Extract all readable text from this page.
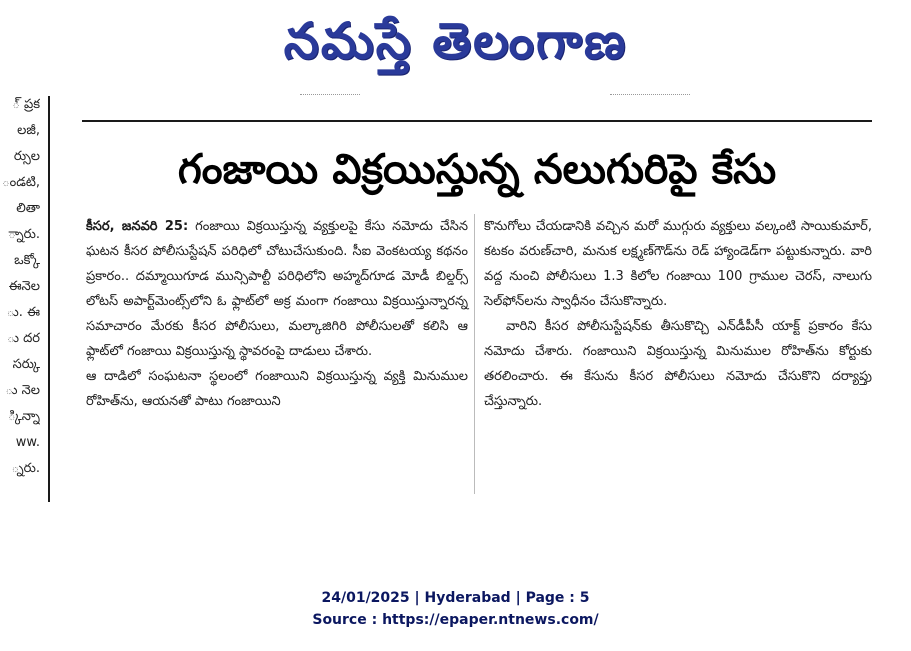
నమస్తే తెలంగాణ
్ ప్రక
లజీ,
ర్సుల
ండటి,
లితా
్నారు.
ఒక్కో
ఈనెల
ు. ఈ
ు దర
సర్కు
ు నెల
్కిన్నా
ww.
్నరు.
గంజాయి విక్రయిస్తున్న నలుగురిపై కేసు

కీసర, జనవరి 25: గంజాయి విక్రయిస్తున్న వ్యక్తులపై కేసు నమోదు చేసిన ఘటన కీసర పోలీసుస్టేషన్ పరిధిలో చోటుచేసుకుంది. సీఐ వెంకటయ్య కథనం ప్రకారం.. దమ్మాయిగూడ మున్సిపాల్టీ పరిధిలోని అహ్మద్‌గూడ మోడీ బిల్డర్స్ లోటస్ అపార్ట్‌మెంట్స్‌లోని ఓ ఫ్లాట్‌లో అక్ర మంగా గంజాయి విక్రయిస్తున్నారన్న సమాచారం మేరకు కీసర పోలీసులు, మల్కాజిగిరి పోలీసులతో కలిసి ఆ ఫ్లాట్‌లో గంజాయి విక్రయిస్తున్న స్థావరంపై దాడులు చేశారు.

ఆ దాడిలో సంఘటనా స్థలంలో గంజాయిని విక్రయిస్తున్న వ్యక్తి మినుముల రోహిత్‌ను, ఆయనతో పాటు గంజాయిని

కొనుగోలు చేయడానికి వచ్చిన మరో ముగ్గురు వ్యక్తులు వల్కంటి సాయికుమార్, కటకం వరుణ్‌చారి, మనుక లక్ష్మణ్‌గౌడ్‌ను రెడ్ హ్యాండెడ్‌గా పట్టుకున్నారు. వారి వద్ద నుంచి పోలీసులు 1.3 కిలోల గంజాయి 100 గ్రాముల చెరస్, నాలుగు సెల్‌ఫోన్‌లను స్వాధీనం చేసుకొన్నారు.

వారిని కీసర పోలీసుస్టేషన్‌కు తీసుకొచ్చి ఎన్‌డీపీసీ యాక్ట్ ప్రకారం కేసు నమోదు చేశారు. గంజాయిని విక్రయిస్తున్న మినుముల రోహిత్‌ను కోర్టుకు తరలించారు. ఈ కేసును కీసర పోలీసులు నమోదు చేసుకొని దర్యాప్తు చేస్తున్నారు.

24/01/2025 | Hyderabad | Page : 5
Source : https://epaper.ntnews.com/
